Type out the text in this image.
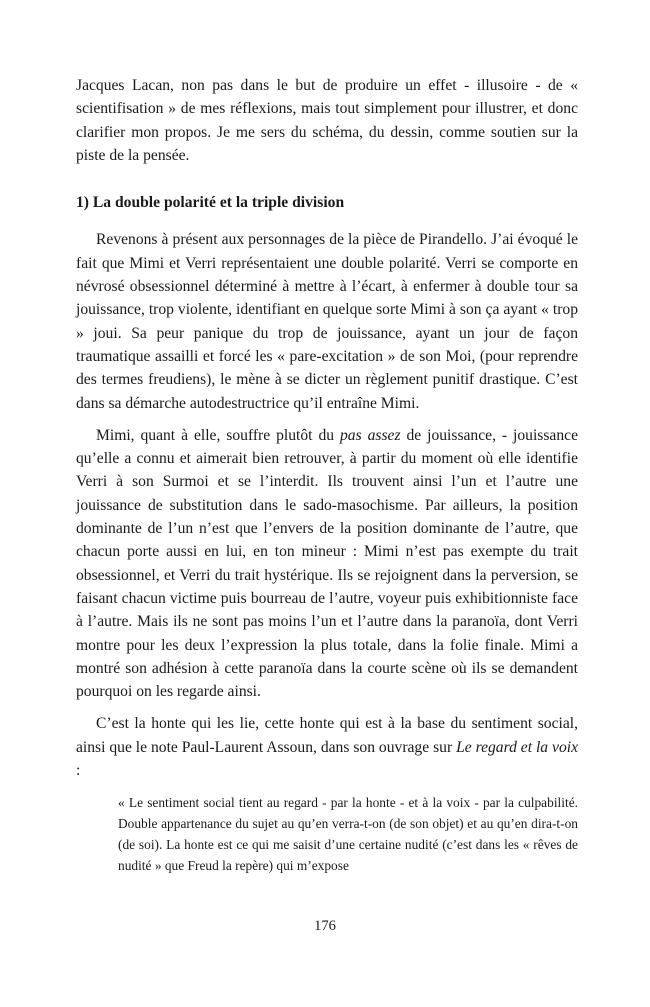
Jacques Lacan, non pas dans le but de produire un effet - illusoire - de « scientifisation » de mes réflexions, mais tout simplement pour illustrer, et donc clarifier mon propos. Je me sers du schéma, du dessin, comme soutien sur la piste de la pensée.

1) La double polarité et la triple division

Revenons à présent aux personnages de la pièce de Pirandello. J’ai évoqué le fait que Mimi et Verri représentaient une double polarité. Verri se comporte en névrosé obsessionnel déterminé à mettre à l’écart, à enfermer à double tour sa jouissance, trop violente, identifiant en quelque sorte Mimi à son ça ayant « trop » joui. Sa peur panique du trop de jouissance, ayant un jour de façon traumatique assailli et forcé les « pare-excitation » de son Moi, (pour reprendre des termes freudiens), le mène à se dicter un règlement punitif drastique. C’est dans sa démarche autodestructrice qu’il entraîne Mimi.

Mimi, quant à elle, souffre plutôt du pas assez de jouissance, - jouissance qu’elle a connu et aimerait bien retrouver, à partir du moment où elle identifie Verri à son Surmoi et se l’interdit. Ils trouvent ainsi l’un et l’autre une jouissance de substitution dans le sado-masochisme. Par ailleurs, la position dominante de l’un n’est que l’envers de la position dominante de l’autre, que chacun porte aussi en lui, en ton mineur : Mimi n’est pas exempte du trait obsessionnel, et Verri du trait hystérique. Ils se rejoignent dans la perversion, se faisant chacun victime puis bourreau de l’autre, voyeur puis exhibitionniste face à l’autre. Mais ils ne sont pas moins l’un et l’autre dans la paranoïa, dont Verri montre pour les deux l’expression la plus totale, dans la folie finale. Mimi a montré son adhésion à cette paranoïa dans la courte scène où ils se demandent pourquoi on les regarde ainsi.

C’est la honte qui les lie, cette honte qui est à la base du sentiment social, ainsi que le note Paul-Laurent Assoun, dans son ouvrage sur Le regard et la voix :

« Le sentiment social tient au regard - par la honte - et à la voix - par la culpabilité. Double appartenance du sujet au qu’en verra-t-on (de son objet) et au qu’en dira-t-on (de soi). La honte est ce qui me saisit d’une certaine nudité (c’est dans les « rêves de nudité » que Freud la repère) qui m’expose

176
